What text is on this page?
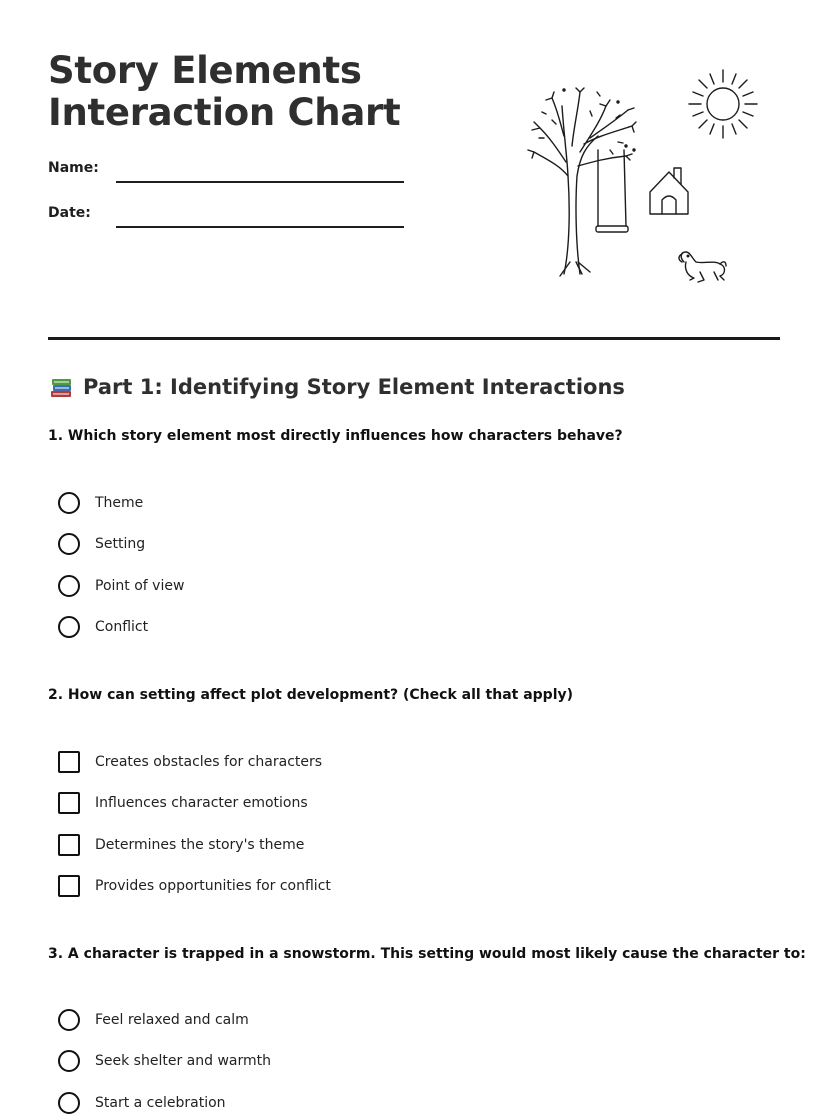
Story Elements
Interaction Chart
Name:
Date:
Part 1: Identifying Story Element Interactions

1. Which story element most directly influences how characters behave?

Theme
Setting
Point of view
Conflict

2. How can setting affect plot development? (Check all that apply)

Creates obstacles for characters
Influences character emotions
Determines the story's theme
Provides opportunities for conflict

3. A character is trapped in a snowstorm. This setting would most likely cause the character to:

Feel relaxed and calm
Seek shelter and warmth
Start a celebration
